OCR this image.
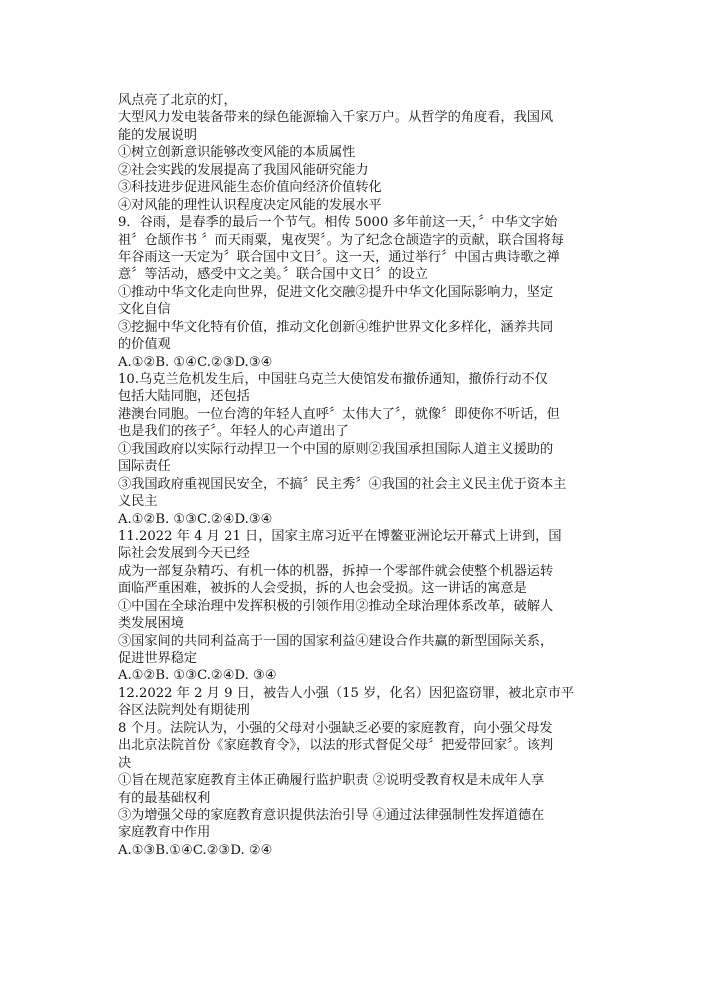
风点亮了北京的灯，
大型风力发电装备带来的绿色能源输入千家万户。从哲学的角度看，我国风
能的发展说明
①树立创新意识能够改变风能的本质属性
②社会实践的发展提高了我国风能研究能力
③科技进步促进风能生态价值向经济价值转化
④对风能的理性认识程度决定风能的发展水平
9．谷雨，是春季的最后一个节气。相传 5000 多年前这一天，〞中华文字始
祖〞仓颉作书 〞而天雨粟，鬼夜哭〞。为了纪念仓颉造字的贡献，联合国将每
年谷雨这一天定为〞联合国中文日〞。这一天，通过举行〞中国古典诗歌之禅
意〞等活动，感受中文之美。〞联合国中文日〞的设立
①推动中华文化走向世界，促进文化交融②提升中华文化国际影响力，坚定
文化自信
③挖掘中华文化特有价值，推动文化创新④维护世界文化多样化，涵养共同
的价值观
A.①②B. ①④C.②③D.③④
10.乌克兰危机发生后，中国驻乌克兰大使馆发布撤侨通知，撤侨行动不仅
包括大陆同胞，还包括
港澳台同胞。一位台湾的年轻人直呼〞太伟大了〞，就像〞即使你不听话，但
也是我们的孩子〞。年轻人的心声道出了
①我国政府以实际行动捍卫一个中国的原则②我国承担国际人道主义援助的
国际责任
③我国政府重视国民安全，不搞〞民主秀〞④我国的社会主义民主优于资本主
义民主
A.①②B. ①③C.②④D.③④
11.2022 年 4 月 21 日，国家主席习近平在博鳌亚洲论坛开幕式上讲到，国
际社会发展到今天已经
成为一部复杂精巧、有机一体的机器，拆掉一个零部件就会使整个机器运转
面临严重困难，被拆的人会受损，拆的人也会受损。这一讲话的寓意是
①中国在全球治理中发挥积极的引领作用②推动全球治理体系改革，破解人
类发展困境
③国家间的共同利益高于一国的国家利益④建设合作共赢的新型国际关系，
促进世界稳定
A.①②B. ①③C.②④D. ③④
12.2022 年 2 月 9 日，被告人小强（15 岁，化名）因犯盗窃罪，被北京市平
谷区法院判处有期徒刑
8 个月。法院认为，小强的父母对小强缺乏必要的家庭教育，向小强父母发
出北京法院首份《家庭教育令》，以法的形式督促父母〞把爱带回家〞。该判
决
①旨在规范家庭教育主体正确履行监护职责 ②说明受教育权是未成年人享
有的最基础权利
③为增强父母的家庭教育意识提供法治引导 ④通过法律强制性发挥道德在
家庭教育中作用
A.①③B.①④C.②③D. ②④
